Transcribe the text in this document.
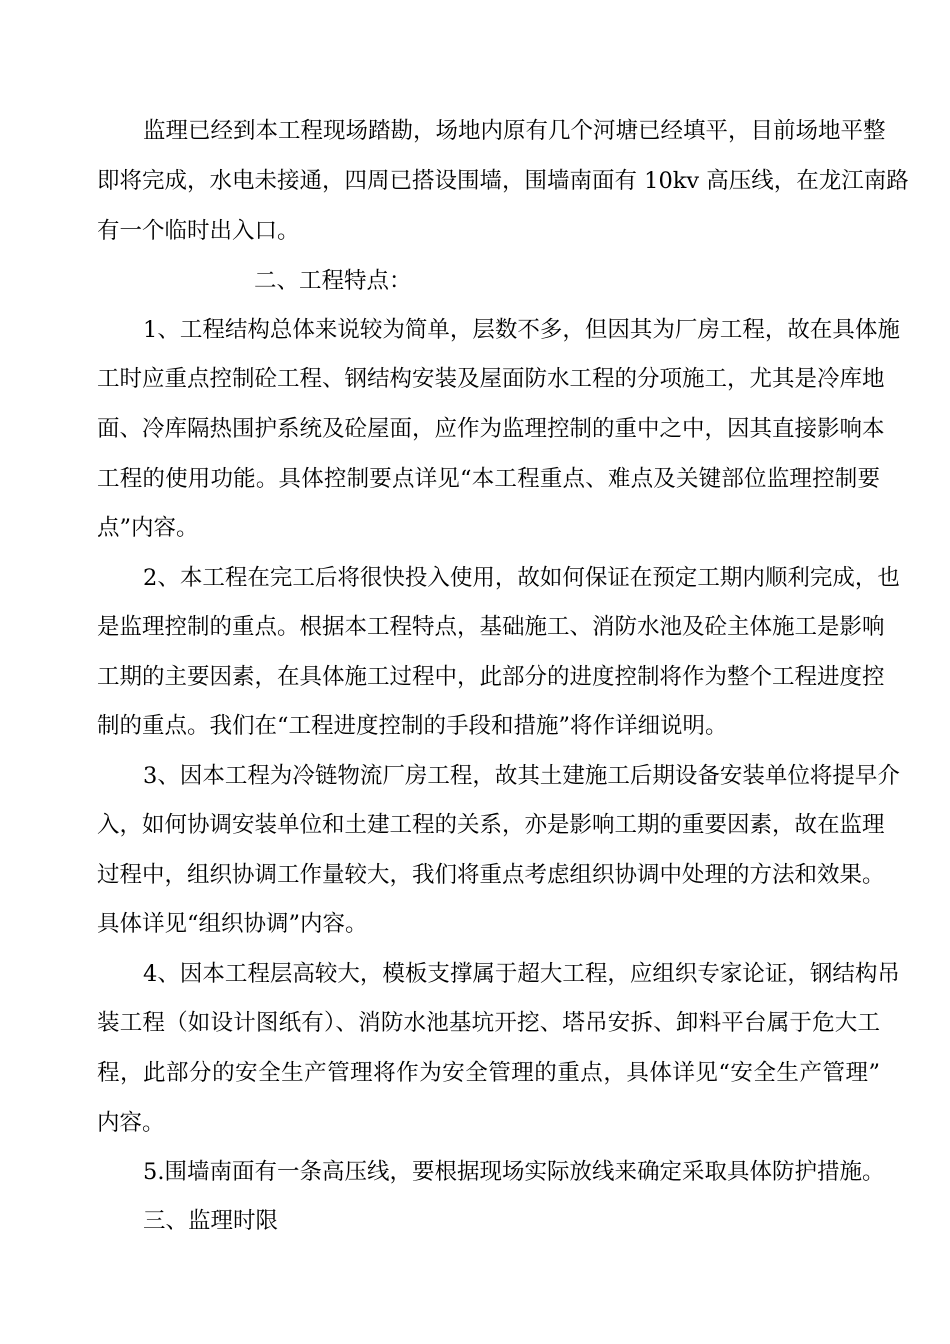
监理已经到本工程现场踏勘，场地内原有几个河塘已经填平，目前场地平整
即将完成，水电未接通，四周已搭设围墙，围墙南面有 10kv 高压线，在龙江南路
有一个临时出入口。
二、工程特点：
1、工程结构总体来说较为简单，层数不多，但因其为厂房工程，故在具体施
工时应重点控制砼工程、钢结构安装及屋面防水工程的分项施工，尤其是冷库地
面、冷库隔热围护系统及砼屋面，应作为监理控制的重中之中，因其直接影响本
工程的使用功能。具体控制要点详见“本工程重点、难点及关键部位监理控制要
点”内容。
2、本工程在完工后将很快投入使用，故如何保证在预定工期内顺利完成，也
是监理控制的重点。根据本工程特点，基础施工、消防水池及砼主体施工是影响
工期的主要因素，在具体施工过程中，此部分的进度控制将作为整个工程进度控
制的重点。我们在“工程进度控制的手段和措施”将作详细说明。
3、因本工程为冷链物流厂房工程，故其土建施工后期设备安装单位将提早介
入，如何协调安装单位和土建工程的关系，亦是影响工期的重要因素，故在监理
过程中，组织协调工作量较大，我们将重点考虑组织协调中处理的方法和效果。
具体详见“组织协调”内容。
4、因本工程层高较大，模板支撑属于超大工程，应组织专家论证，钢结构吊
装工程（如设计图纸有）、消防水池基坑开挖、塔吊安拆、卸料平台属于危大工
程，此部分的安全生产管理将作为安全管理的重点，具体详见“安全生产管理”
内容。
5.围墙南面有一条高压线，要根据现场实际放线来确定采取具体防护措施。
三、监理时限
